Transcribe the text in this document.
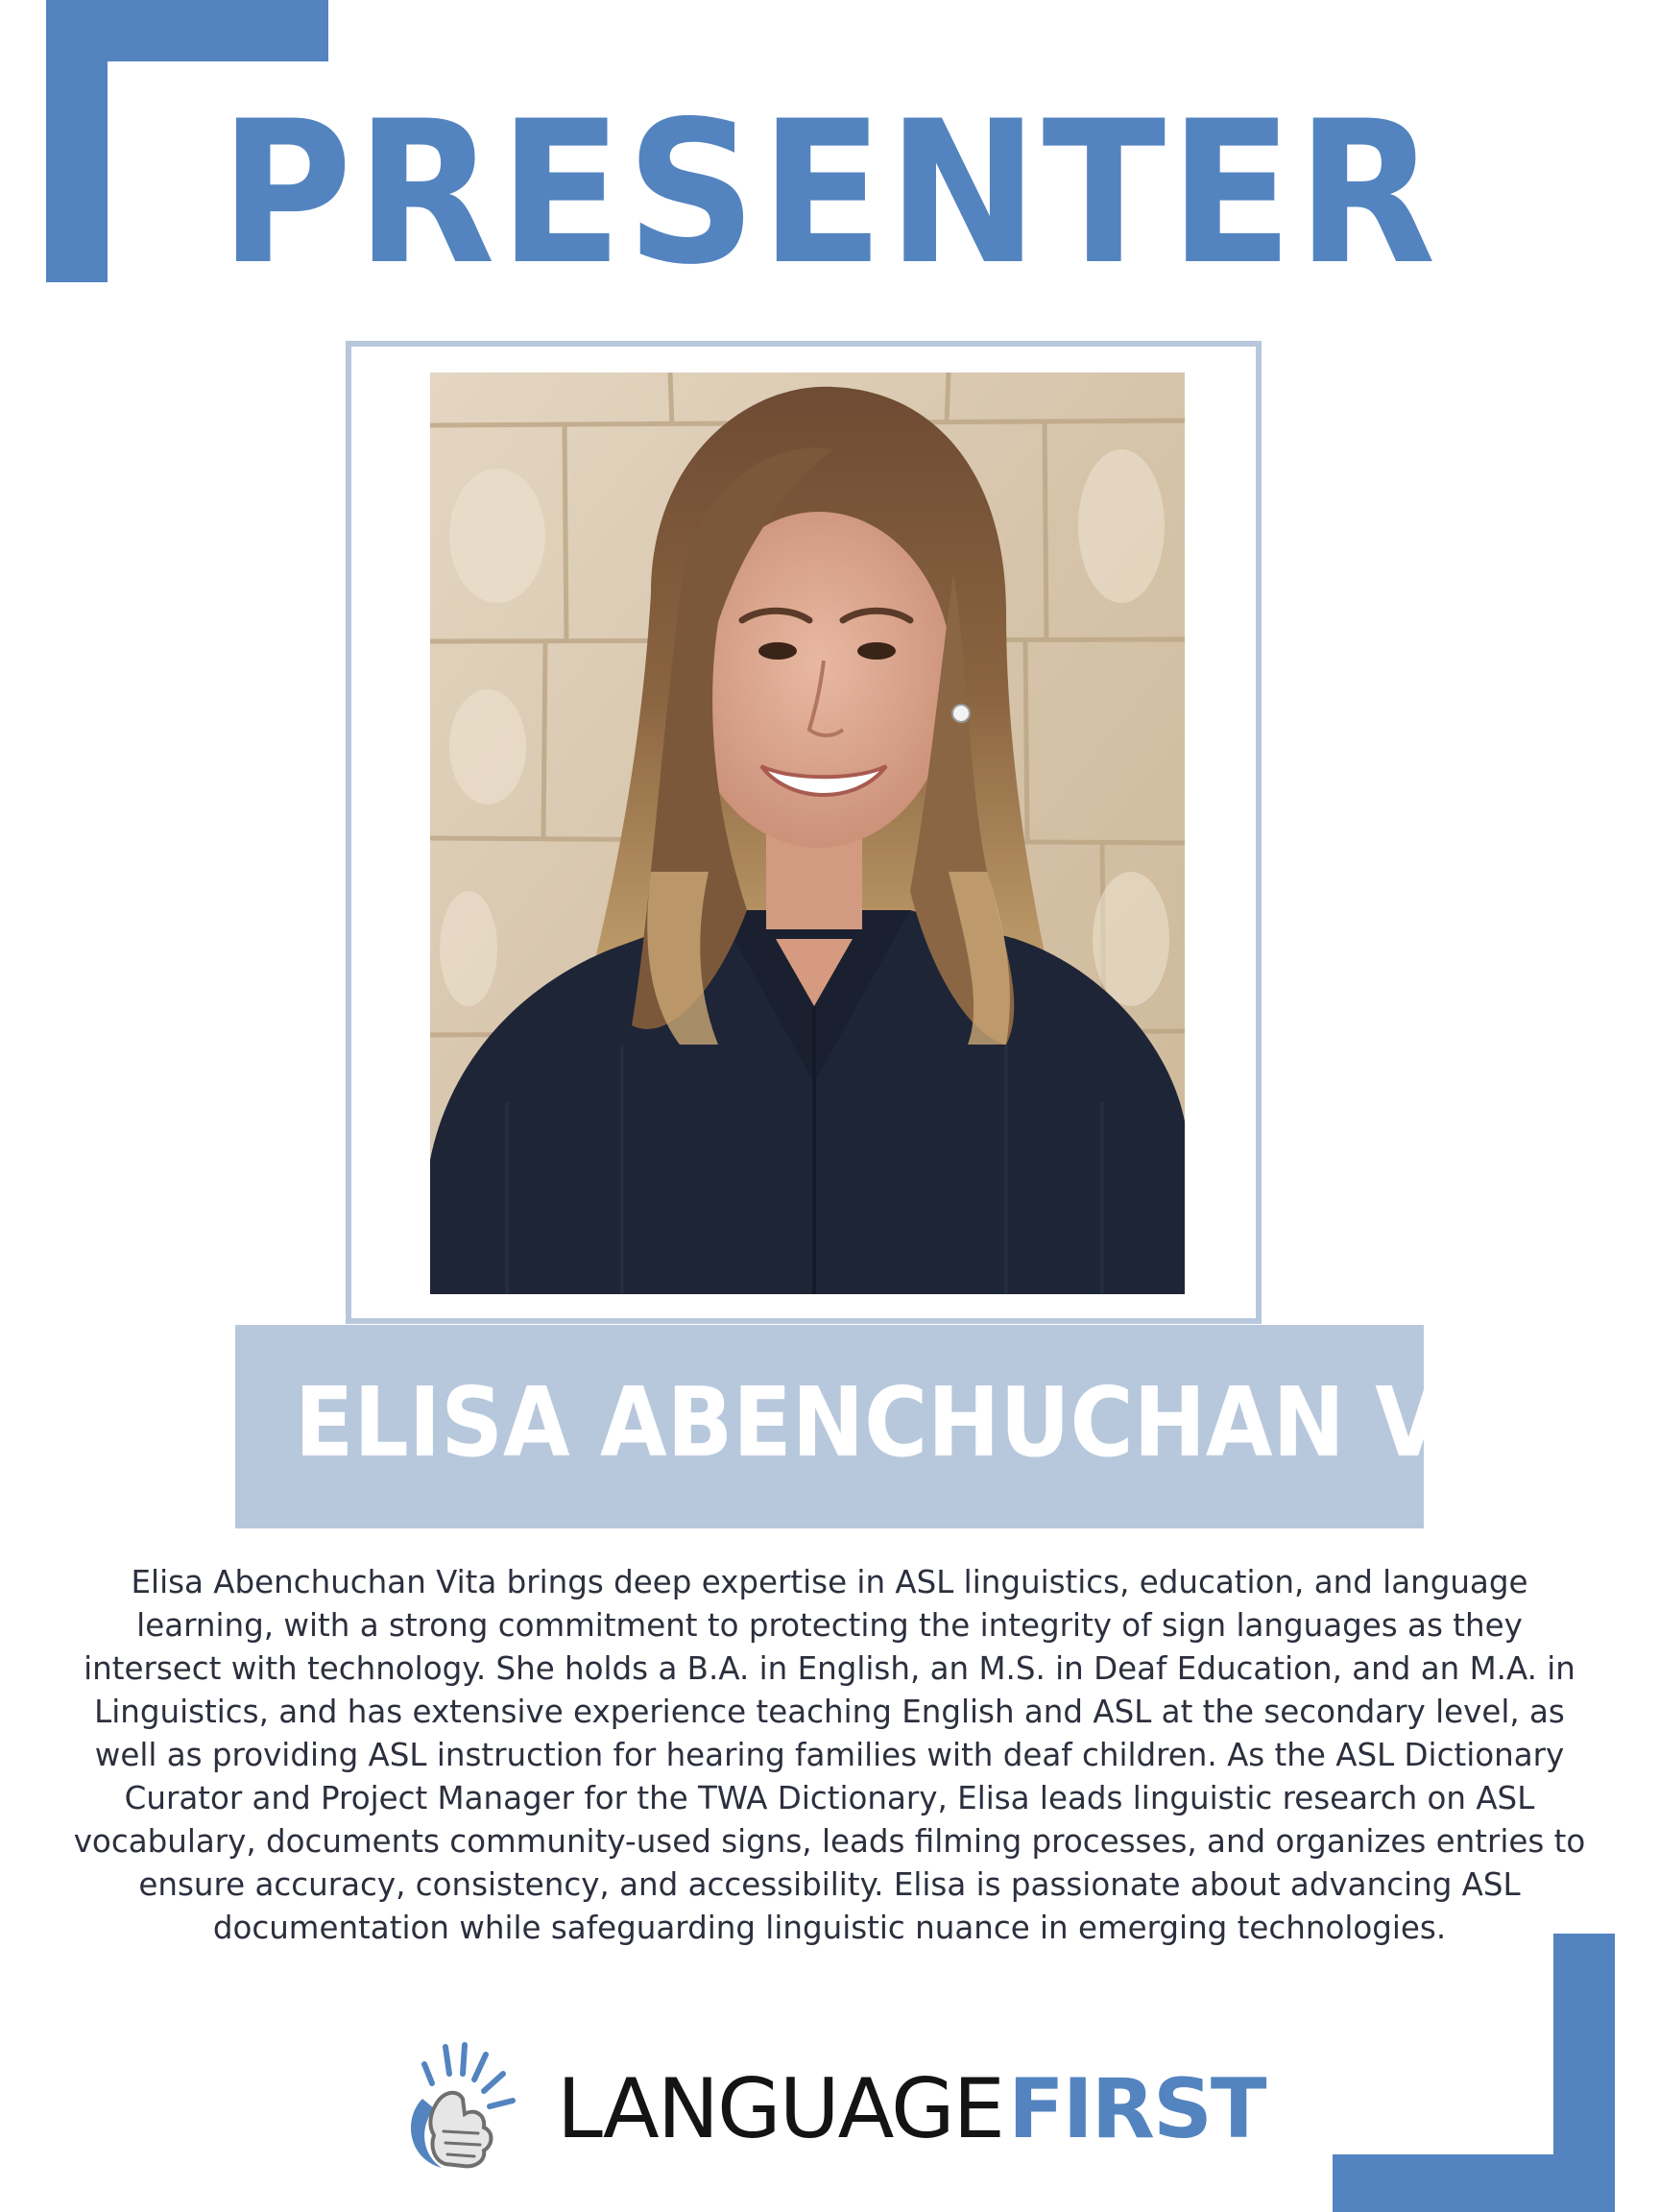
PRESENTER
ELISA ABENCHUCHAN VITA

Elisa Abenchuchan Vita brings deep expertise in ASL linguistics, education, and language learning, with a strong commitment to protecting the integrity of sign languages as they intersect with technology. She holds a B.A. in English, an M.S. in Deaf Education, and an M.A. in Linguistics, and has extensive experience teaching English and ASL at the secondary level, as well as providing ASL instruction for hearing families with deaf children. As the ASL Dictionary Curator and Project Manager for the TWA Dictionary, Elisa leads linguistic research on ASL vocabulary, documents community-used signs, leads filming processes, and organizes entries to ensure accuracy, consistency, and accessibility. Elisa is passionate about advancing ASL documentation while safeguarding linguistic nuance in emerging technologies.

LANGUAGE FIRST
